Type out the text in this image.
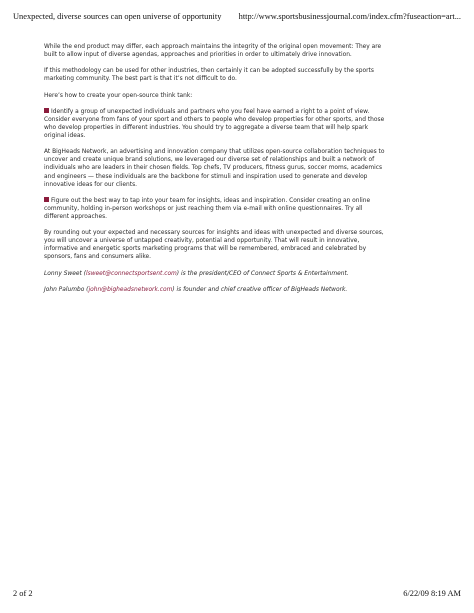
Unexpected, diverse sources can open universe of opportunity http://www.sportsbusinessjournal.com/index.cfm?fuseaction=art...

While the end product may differ, each approach maintains the integrity of the original open movement: They are built to allow input of diverse agendas, approaches and priorities in order to ultimately drive innovation.

If this methodology can be used for other industries, then certainly it can be adopted successfully by the sports marketing community. The best part is that it’s not difficult to do.

Here’s how to create your open-source think tank:

Identify a group of unexpected individuals and partners who you feel have earned a right to a point of view. Consider everyone from fans of your sport and others to people who develop properties for other sports, and those who develop properties in different industries. You should try to aggregate a diverse team that will help spark original ideas.

At BigHeads Network, an advertising and innovation company that utilizes open-source collaboration techniques to uncover and create unique brand solutions, we leveraged our diverse set of relationships and built a network of individuals who are leaders in their chosen fields. Top chefs, TV producers, fitness gurus, soccer moms, academics and engineers — these individuals are the backbone for stimuli and inspiration used to generate and develop innovative ideas for our clients.

Figure out the best way to tap into your team for insights, ideas and inspiration. Consider creating an online community, holding in-person workshops or just reaching them via e-mail with online questionnaires. Try all different approaches.

By rounding out your expected and necessary sources for insights and ideas with unexpected and diverse sources, you will uncover a universe of untapped creativity, potential and opportunity. That will result in innovative, informative and energetic sports marketing programs that will be remembered, embraced and celebrated by sponsors, fans and consumers alike.

Lonny Sweet (lsweet@connectsportsent.com) is the president/CEO of Connect Sports & Entertainment.

John Palumbo (john@bigheadsnetwork.com) is founder and chief creative officer of BigHeads Network.

2 of 2	6/22/09 8:19 AM
